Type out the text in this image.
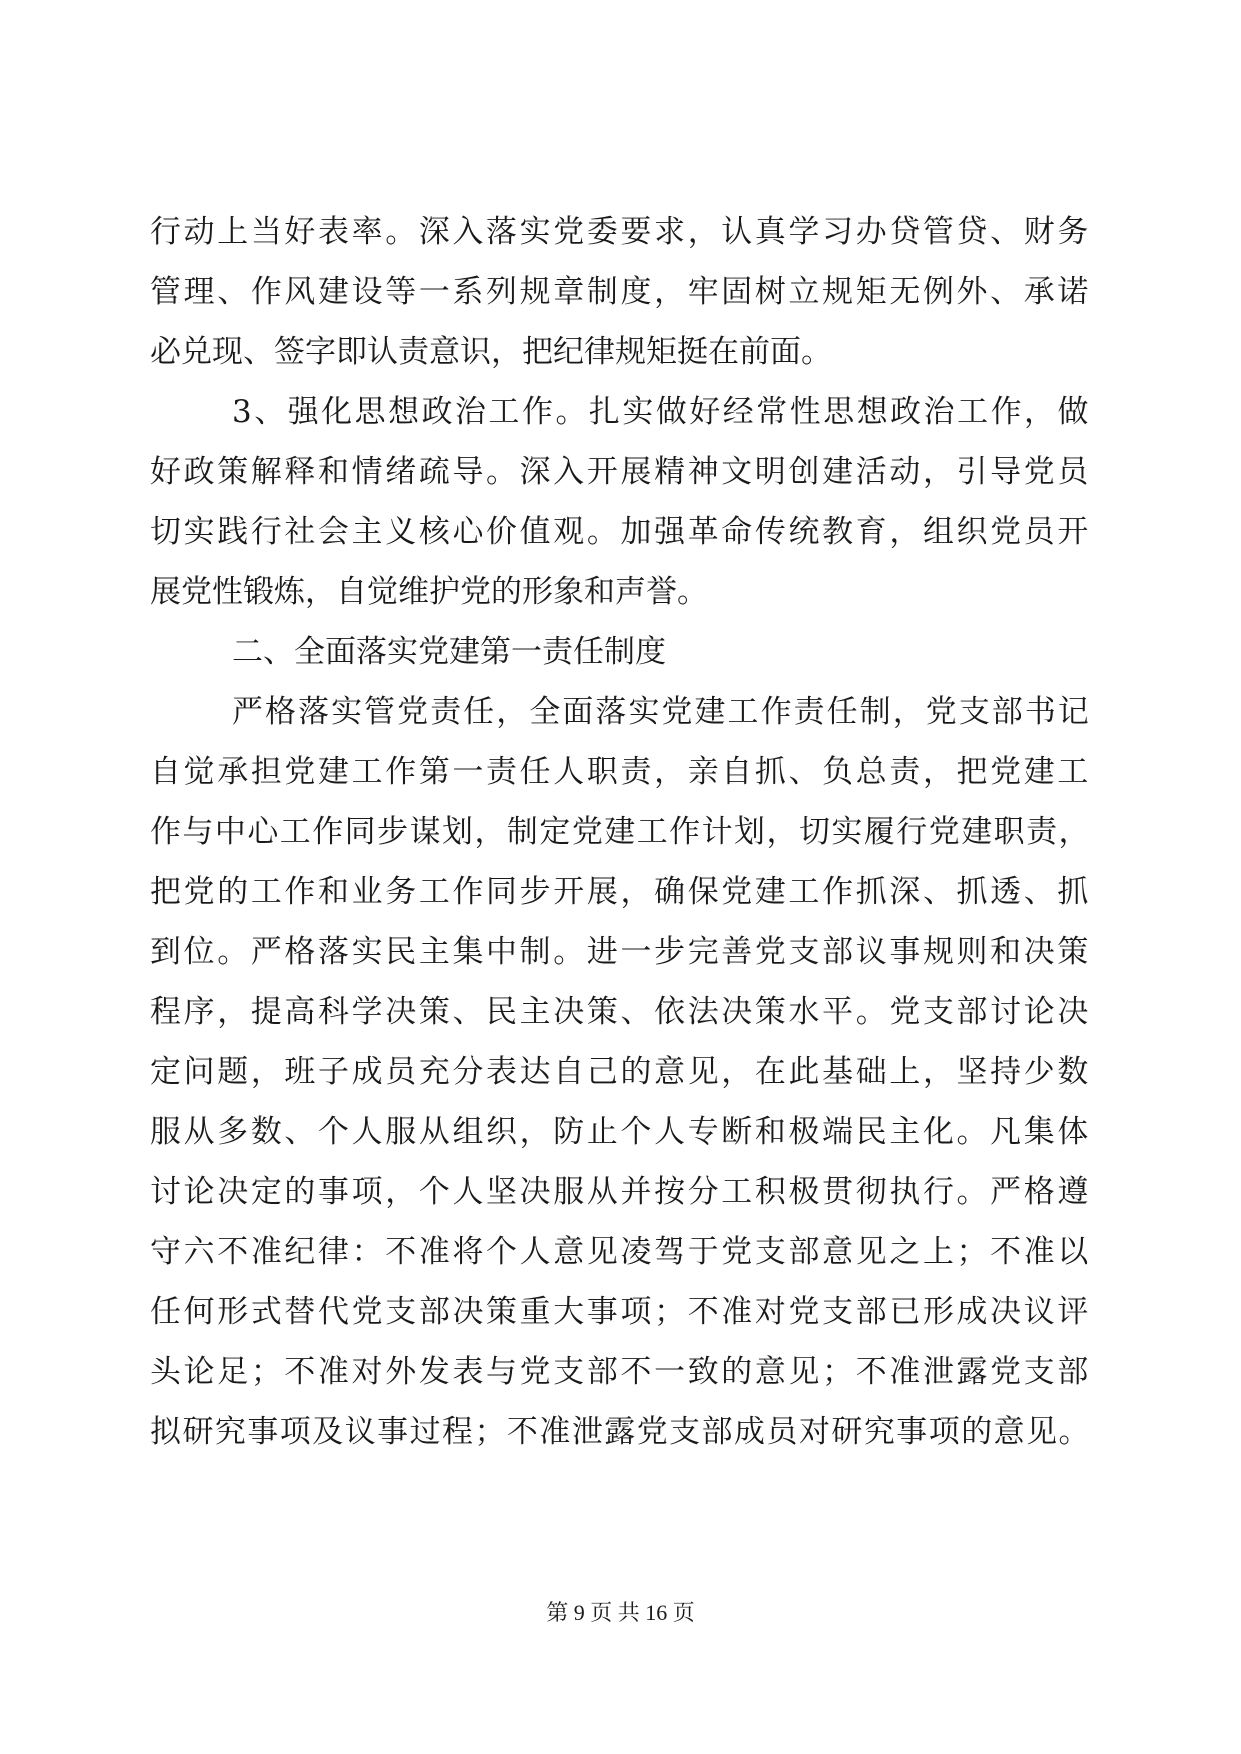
行动上当好表率。深入落实党委要求，认真学习办贷管贷、财务
管理、作风建设等一系列规章制度，牢固树立规矩无例外、承诺
必兑现、签字即认责意识，把纪律规矩挺在前面。
3、强化思想政治工作。扎实做好经常性思想政治工作，做
好政策解释和情绪疏导。深入开展精神文明创建活动，引导党员
切实践行社会主义核心价值观。加强革命传统教育，组织党员开
展党性锻炼，自觉维护党的形象和声誉。
二、全面落实党建第一责任制度
严格落实管党责任，全面落实党建工作责任制，党支部书记
自觉承担党建工作第一责任人职责，亲自抓、负总责，把党建工
作与中心工作同步谋划，制定党建工作计划，切实履行党建职责，
把党的工作和业务工作同步开展，确保党建工作抓深、抓透、抓
到位。严格落实民主集中制。进一步完善党支部议事规则和决策
程序，提高科学决策、民主决策、依法决策水平。党支部讨论决
定问题，班子成员充分表达自己的意见，在此基础上，坚持少数
服从多数、个人服从组织，防止个人专断和极端民主化。凡集体
讨论决定的事项，个人坚决服从并按分工积极贯彻执行。严格遵
守六不准纪律：不准将个人意见凌驾于党支部意见之上；不准以
任何形式替代党支部决策重大事项；不准对党支部已形成决议评
头论足；不准对外发表与党支部不一致的意见；不准泄露党支部
拟研究事项及议事过程；不准泄露党支部成员对研究事项的意见。
第 9 页 共 16 页
